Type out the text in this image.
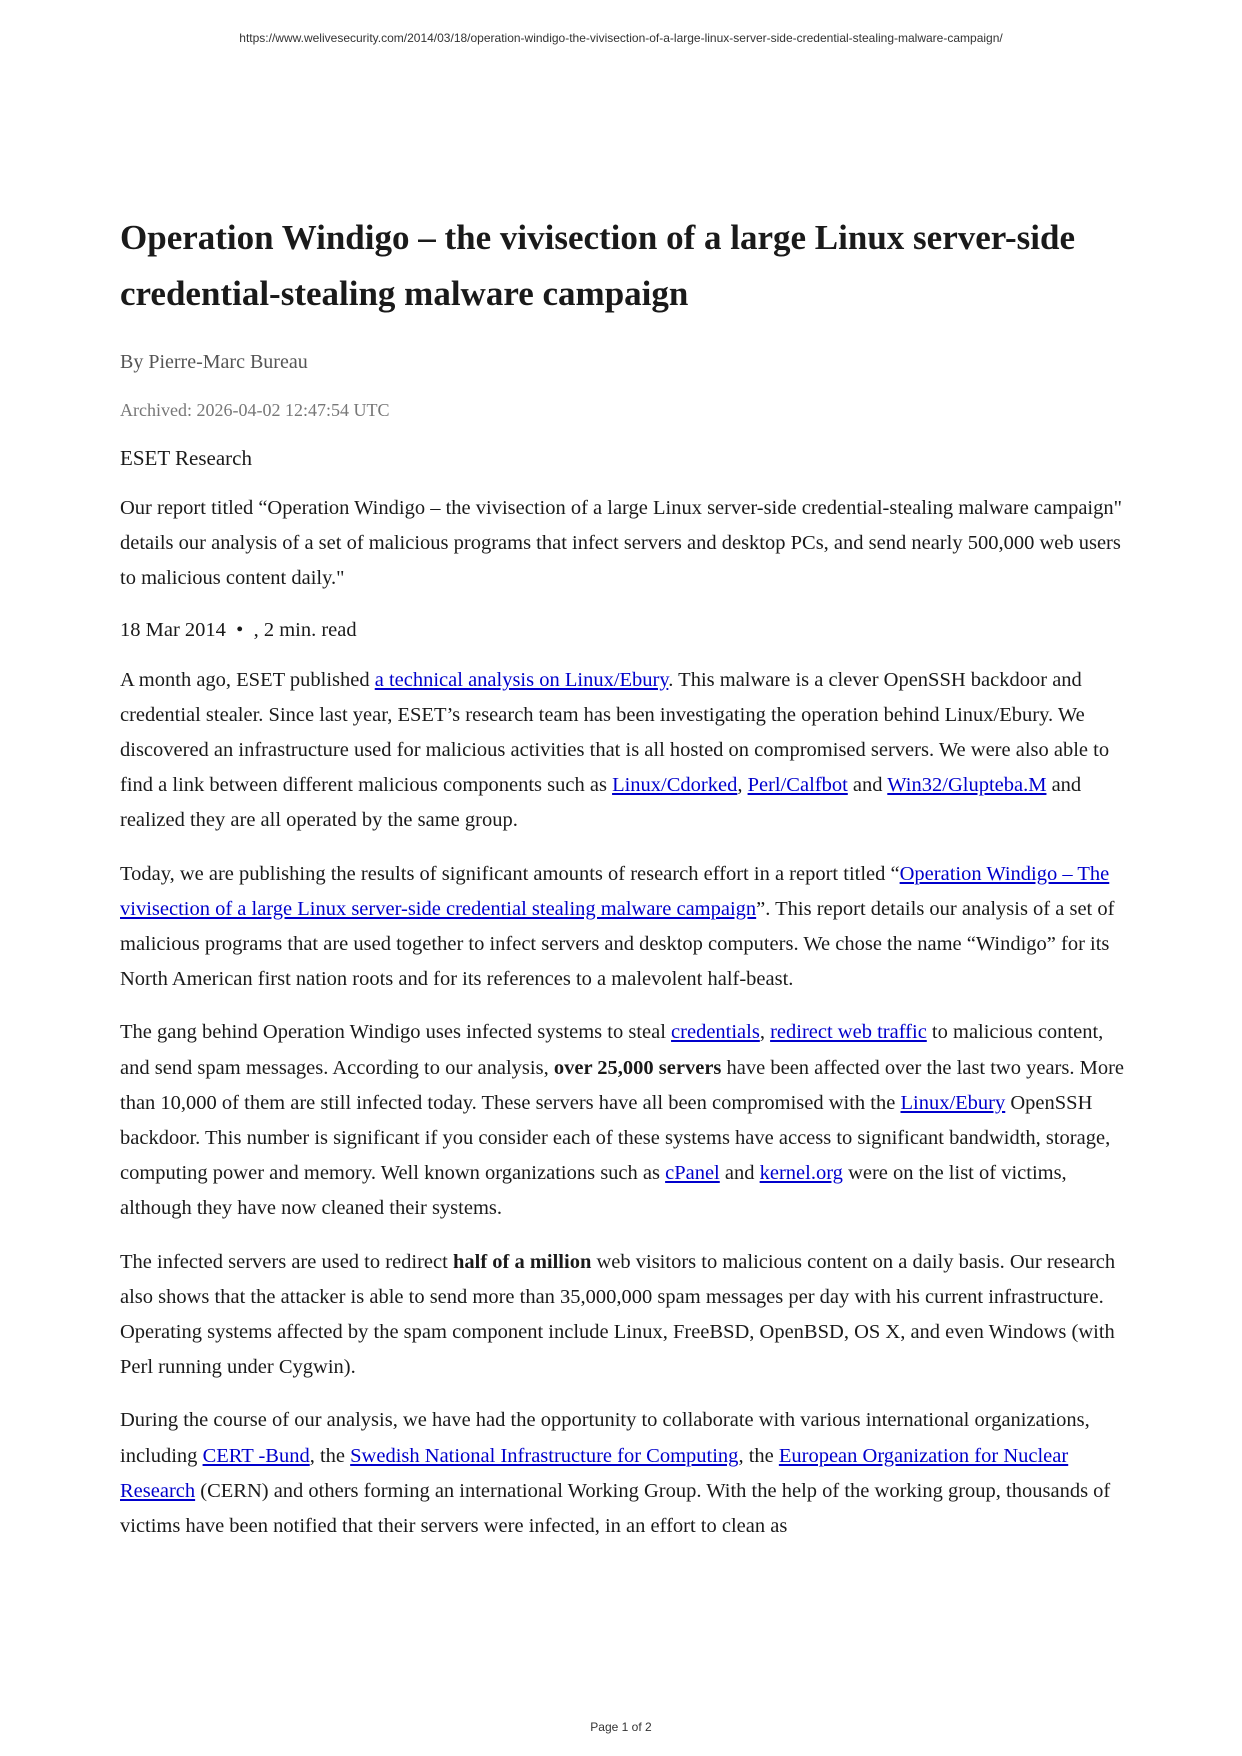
https://www.welivesecurity.com/2014/03/18/operation-windigo-the-vivisection-of-a-large-linux-server-side-credential-stealing-malware-campaign/
Operation Windigo – the vivisection of a large Linux server-side credential-stealing malware campaign
By Pierre-Marc Bureau
Archived: 2026-04-02 12:47:54 UTC
ESET Research

Our report titled “Operation Windigo – the vivisection of a large Linux server-side credential-stealing malware campaign" details our analysis of a set of malicious programs that infect servers and desktop PCs, and send nearly 500,000 web users to malicious content daily."

18 Mar 2014 • , 2 min. read

A month ago, ESET published a technical analysis on Linux/Ebury. This malware is a clever OpenSSH backdoor and credential stealer. Since last year, ESET’s research team has been investigating the operation behind Linux/Ebury. We discovered an infrastructure used for malicious activities that is all hosted on compromised servers. We were also able to find a link between different malicious components such as Linux/Cdorked, Perl/Calfbot and Win32/Glupteba.M and realized they are all operated by the same group.

Today, we are publishing the results of significant amounts of research effort in a report titled “Operation Windigo – The vivisection of a large Linux server-side credential stealing malware campaign”. This report details our analysis of a set of malicious programs that are used together to infect servers and desktop computers. We chose the name “Windigo” for its North American first nation roots and for its references to a malevolent half-beast.

The gang behind Operation Windigo uses infected systems to steal credentials, redirect web traffic to malicious content, and send spam messages. According to our analysis, over 25,000 servers have been affected over the last two years. More than 10,000 of them are still infected today. These servers have all been compromised with the Linux/Ebury OpenSSH backdoor. This number is significant if you consider each of these systems have access to significant bandwidth, storage, computing power and memory. Well known organizations such as cPanel and kernel.org were on the list of victims, although they have now cleaned their systems.

The infected servers are used to redirect half of a million web visitors to malicious content on a daily basis. Our research also shows that the attacker is able to send more than 35,000,000 spam messages per day with his current infrastructure. Operating systems affected by the spam component include Linux, FreeBSD, OpenBSD, OS X, and even Windows (with Perl running under Cygwin).

During the course of our analysis, we have had the opportunity to collaborate with various international organizations, including CERT -Bund, the Swedish National Infrastructure for Computing, the European Organization for Nuclear Research (CERN) and others forming an international Working Group. With the help of the working group, thousands of victims have been notified that their servers were infected, in an effort to clean as

Page 1 of 2
